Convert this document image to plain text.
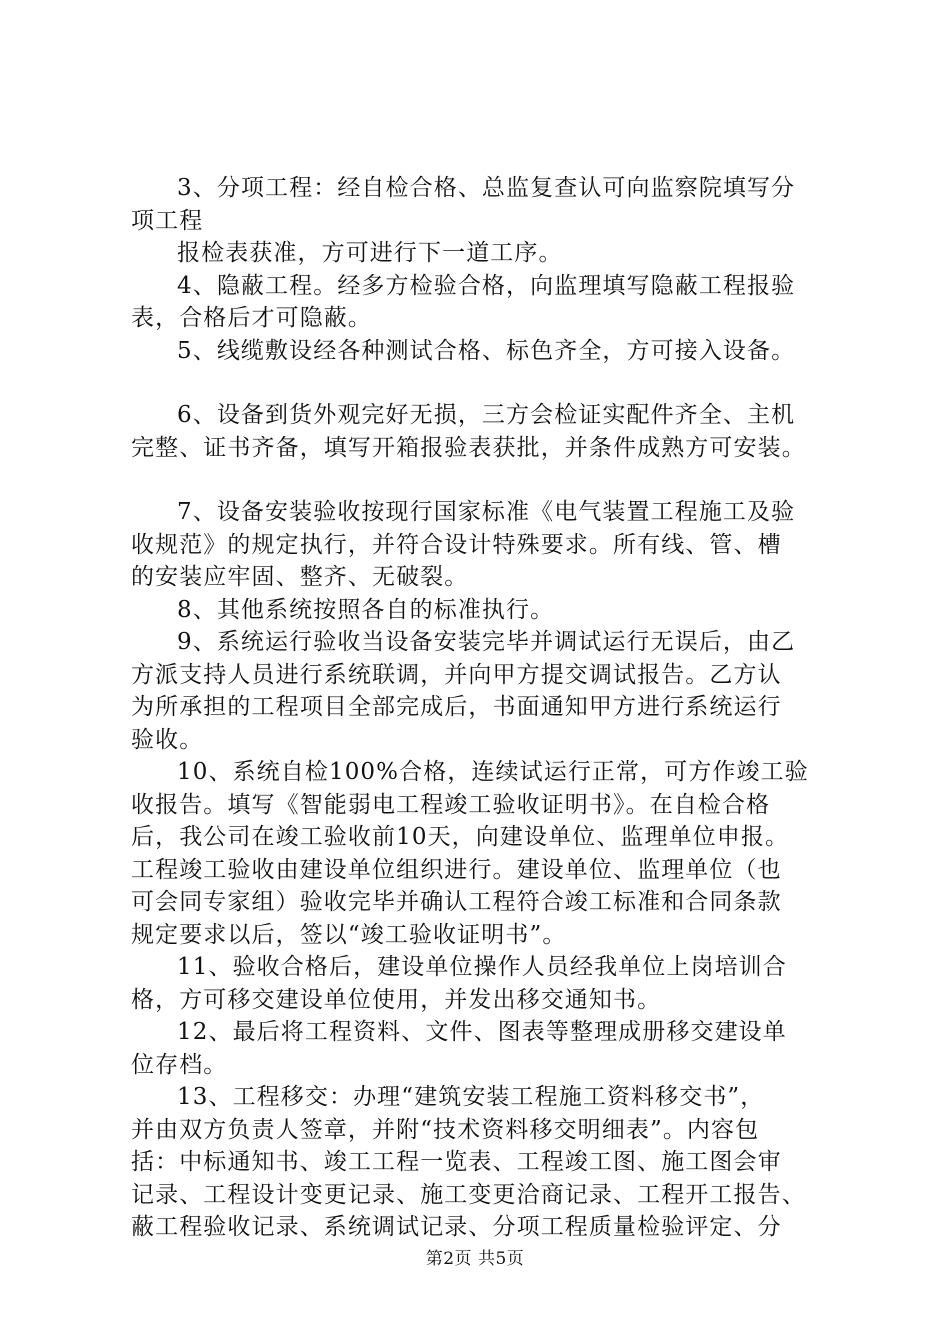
3、分项工程：经自检合格、总监复查认可向监察院填写分
项工程
报检表获准，方可进行下一道工序。
4、隐蔽工程。经多方检验合格，向监理填写隐蔽工程报验
表，合格后才可隐蔽。
5、线缆敷设经各种测试合格、标色齐全，方可接入设备。
6、设备到货外观完好无损，三方会检证实配件齐全、主机
完整、证书齐备，填写开箱报验表获批，并条件成熟方可安装。
7、设备安装验收按现行国家标准《电气装置工程施工及验
收规范》的规定执行，并符合设计特殊要求。所有线、管、槽
的安装应牢固、整齐、无破裂。
8、其他系统按照各自的标准执行。
9、系统运行验收当设备安装完毕并调试运行无误后，由乙
方派支持人员进行系统联调，并向甲方提交调试报告。乙方认
为所承担的工程项目全部完成后，书面通知甲方进行系统运行
验收。
10、系统自检100%合格，连续试运行正常，可方作竣工验
收报告。填写《智能弱电工程竣工验收证明书》。在自检合格
后，我公司在竣工验收前10天，向建设单位、监理单位申报。
工程竣工验收由建设单位组织进行。建设单位、监理单位（也
可会同专家组）验收完毕并确认工程符合竣工标准和合同条款
规定要求以后，签以“竣工验收证明书”。
11、验收合格后，建设单位操作人员经我单位上岗培训合
格，方可移交建设单位使用，并发出移交通知书。
12、最后将工程资料、文件、图表等整理成册移交建设单
位存档。
13、工程移交：办理“建筑安装工程施工资料移交书”，
并由双方负责人签章，并附“技术资料移交明细表”。内容包
括：中标通知书、竣工工程一览表、工程竣工图、施工图会审
记录、工程设计变更记录、施工变更洽商记录、工程开工报告、
蔽工程验收记录、系统调试记录、分项工程质量检验评定、分
第2页 共5页
